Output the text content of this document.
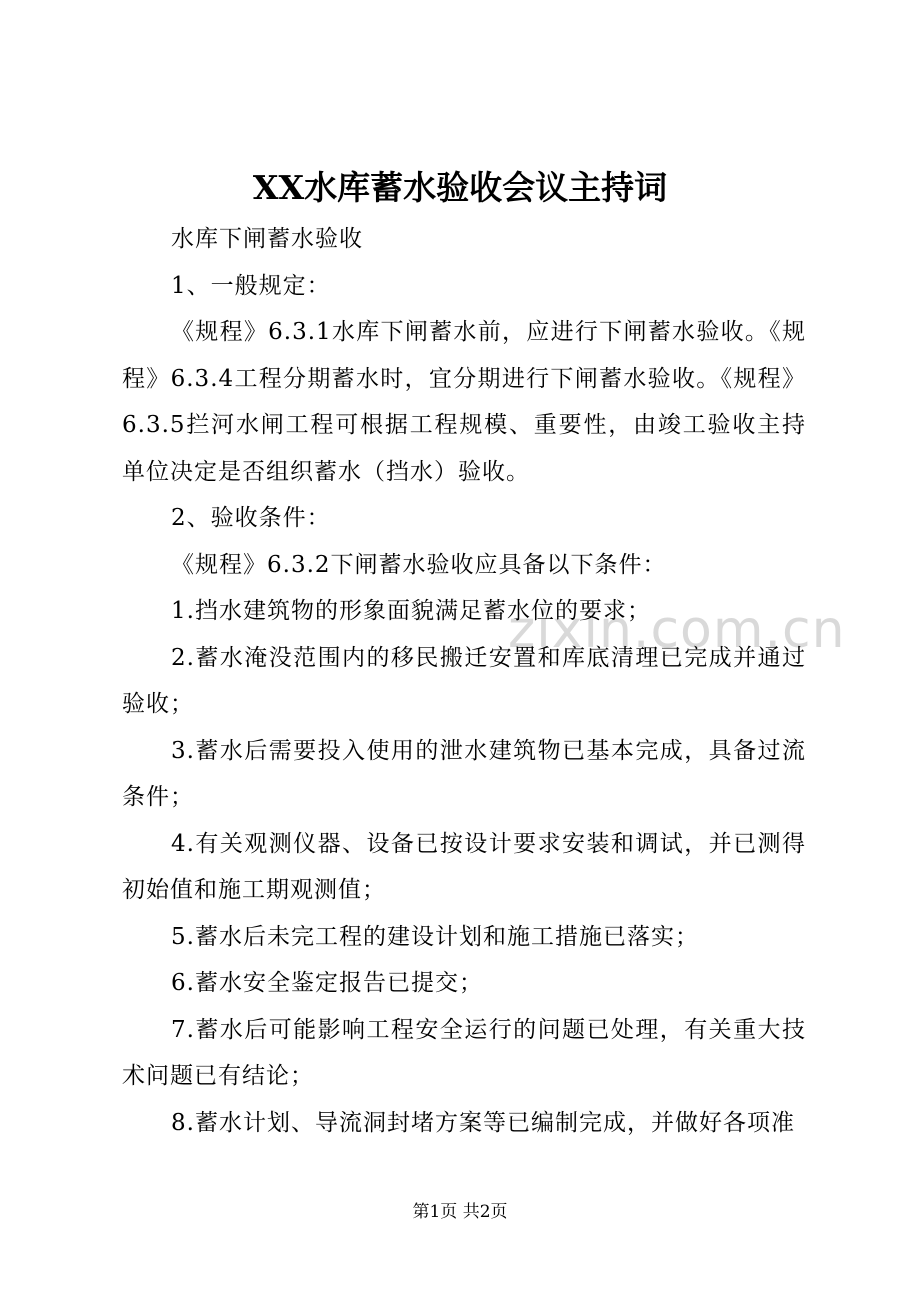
zixin.com.cn
XX水库蓄水验收会议主持词

水库下闸蓄水验收

1、一般规定：

《规程》6.3.1水库下闸蓄水前，应进行下闸蓄水验收。《规程》6.3.4工程分期蓄水时，宜分期进行下闸蓄水验收。《规程》6.3.5拦河水闸工程可根据工程规模、重要性，由竣工验收主持单位决定是否组织蓄水（挡水）验收。

2、验收条件：

《规程》6.3.2下闸蓄水验收应具备以下条件：

1.挡水建筑物的形象面貌满足蓄水位的要求；

2.蓄水淹没范围内的移民搬迁安置和库底清理已完成并通过验收；

3.蓄水后需要投入使用的泄水建筑物已基本完成，具备过流条件；

4.有关观测仪器、设备已按设计要求安装和调试，并已测得初始值和施工期观测值；

5.蓄水后未完工程的建设计划和施工措施已落实；

6.蓄水安全鉴定报告已提交；

7.蓄水后可能影响工程安全运行的问题已处理，有关重大技术问题已有结论；

8.蓄水计划、导流洞封堵方案等已编制完成，并做好各项准

第1页 共2页
